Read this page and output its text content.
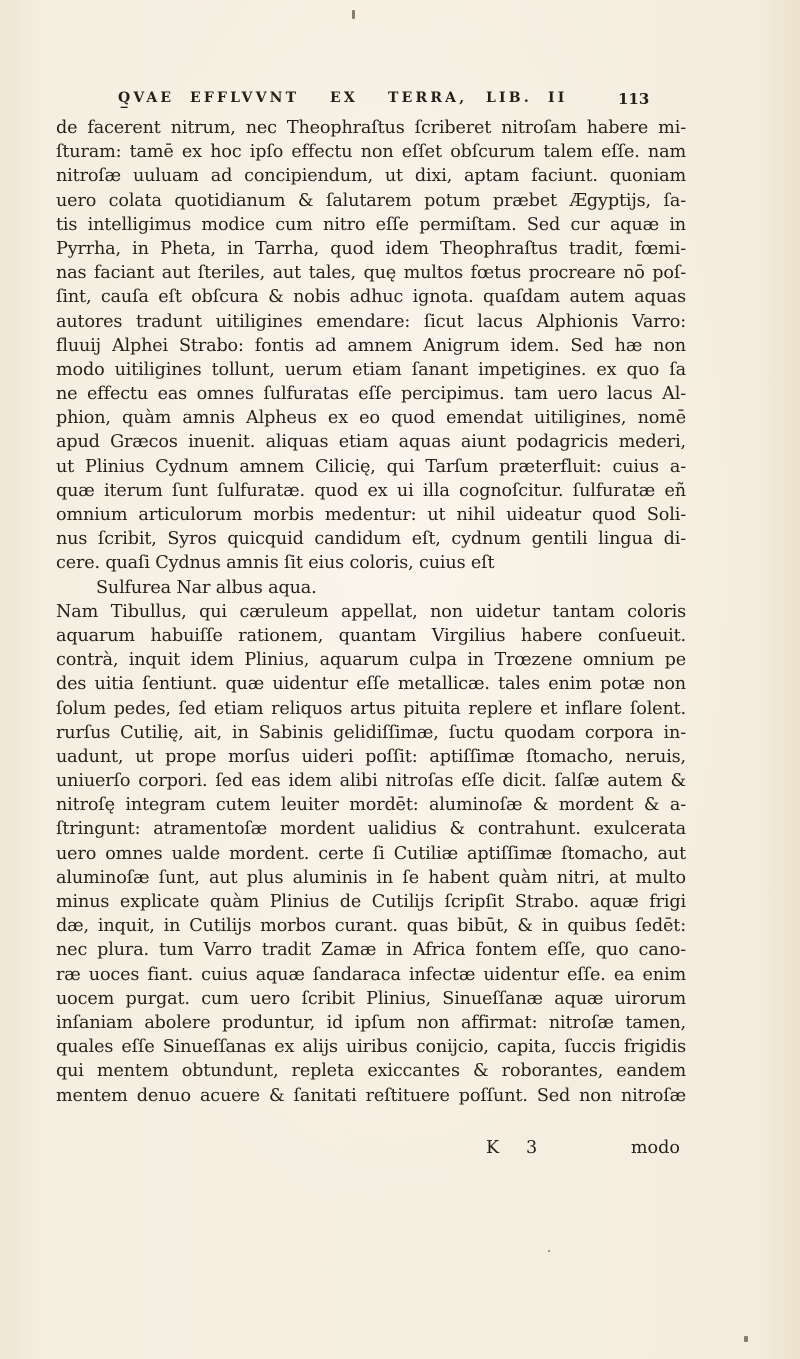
Q̲VAE EFFLVVNT EX TERRA, LIB. II	113
de facerent nitrum, nec Theophraſtus ſcriberet nitroſam habere mi‑
ſturam: tamē ex hoc ipſo effectu non eſſet obſcurum talem eſſe. nam
nitroſæ uuluam ad concipiendum, ut dixi, aptam faciunt. quoniam
uero colata quotidianum & ſalutarem potum præbet Ægyptijs, ſa‑
tis intelligimus modice cum nitro eſſe permiſtam. Sed cur aquæ in
Pyrrha, in Pheta, in Tarrha, quod idem Theophraſtus tradit, fœmi‑
nas faciant aut ſteriles, aut tales, quę multos fœtus procreare nō poſ‑
ſint, cauſa eſt obſcura & nobis adhuc ignota. quaſdam autem aquas
autores tradunt uitiligines emendare: ſicut lacus Alphionis Varro:
fluuij Alphei Strabo: fontis ad amnem Anigrum idem. Sed hæ non
modo uitiligines tollunt, uerum etiam ſanant impetigines. ex quo ſa
ne effectu eas omnes ſulfuratas eſſe percipimus. tam uero lacus Al‑
phion, quàm amnis Alpheus ex eo quod emendat uitiligines, nomē
apud Græcos inuenit. aliquas etiam aquas aiunt podagricis mederi,
ut Plinius Cydnum amnem Cilicię, qui Tarſum præterfluit: cuius a‑
quæ iterum ſunt ſulfuratæ. quod ex ui illa cognoſcitur. ſulfuratæ eñ
omnium articulorum morbis medentur: ut nihil uideatur quod Soli‑
nus ſcribit, Syros quicquid candidum eſt, cydnum gentili lingua di‑
cere. quaſi Cydnus amnis ſit eius coloris, cuius eſt
Sulfurea Nar albus aqua.
Nam Tibullus, qui cæruleum appellat, non uidetur tantam coloris
aquarum habuiſſe rationem, quantam Virgilius habere conſueuit.
contrà, inquit idem Plinius, aquarum culpa in Trœzene omnium pe
des uitia ſentiunt. quæ uidentur eſſe metallicæ. tales enim potæ non
ſolum pedes, ſed etiam reliquos artus pituita replere et inflare ſolent.
rurſus Cutilię, ait, in Sabinis gelidiſſimæ, ſuctu quodam corpora in‑
uadunt, ut prope morſus uideri poſſit: aptiſſimæ ſtomacho, neruis,
uniuerſo corpori. ſed eas idem alibi nitroſas eſſe dicit. ſalſæ autem &
nitroſę integram cutem leuiter mordēt: aluminoſæ & mordent & a‑
ſtringunt: atramentoſæ mordent ualidius & contrahunt. exulcerata
uero omnes ualde mordent. certe ſi Cutiliæ aptiſſimæ ſtomacho, aut
aluminoſæ ſunt, aut plus aluminis in ſe habent quàm nitri, at multo
minus explicate quàm Plinius de Cutilijs ſcripſit Strabo. aquæ frigi
dæ, inquit, in Cutilijs morbos curant. quas bibūt, & in quibus ſedēt:
nec plura. tum Varro tradit Zamæ in Africa fontem eſſe, quo cano‑
ræ uoces fiant. cuius aquæ ſandaraca infectæ uidentur eſſe. ea enim
uocem purgat. cum uero ſcribit Plinius, Sinueſſanæ aquæ uirorum
inſaniam abolere produntur, id ipſum non affirmat: nitroſæ tamen,
quales eſſe Sinueſſanas ex alijs uiribus conijcio, capita, ſuccis frigidis
qui mentem obtundunt, repleta exiccantes & roborantes, eandem
mentem denuo acuere & ſanitati reſtituere poſſunt. Sed non nitroſæ
K 3	modo
